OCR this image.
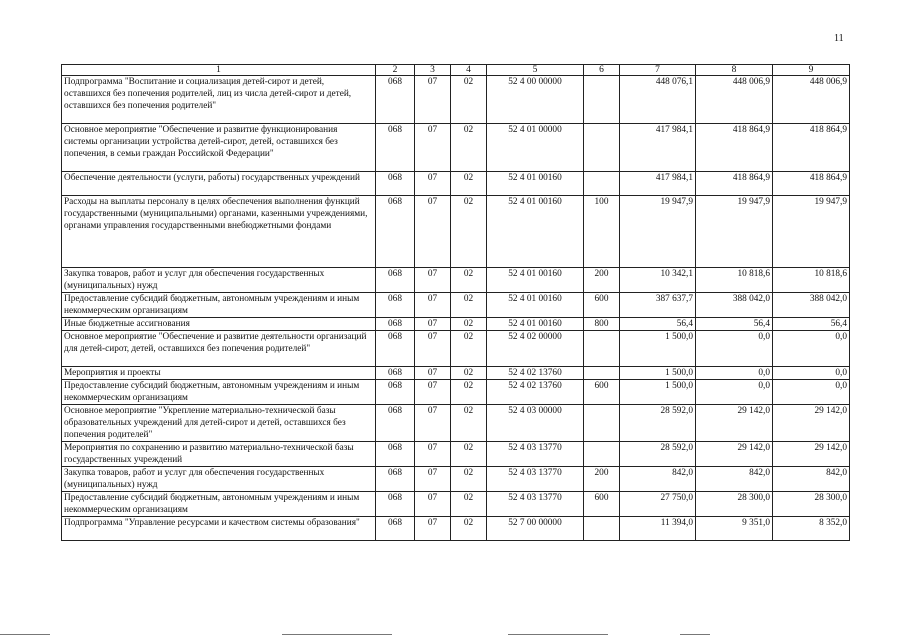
11
1	2	3	4	5	6	7	8	9
Подпрограмма "Воспитание и социализация детей-сирот и детей, оставшихся без попечения родителей, лиц из числа детей-сирот и детей, оставшихся без попечения родителей"	068	07	02	52 4 00 00000		448 076,1	448 006,9	448 006,9
Основное мероприятие "Обеспечение и развитие функционирования системы организации устройства детей-сирот, детей, оставшихся без попечения, в семьи граждан Российской Федерации"	068	07	02	52 4 01 00000		417 984,1	418 864,9	418 864,9
Обеспечение деятельности (услуги, работы) государственных учреждений	068	07	02	52 4 01 00160		417 984,1	418 864,9	418 864,9
Расходы на выплаты персоналу в целях обеспечения выполнения функций государственными (муниципальными) органами, казенными учреждениями, органами управления государственными внебюджетными фондами	068	07	02	52 4 01 00160	100	19 947,9	19 947,9	19 947,9
Закупка товаров, работ и услуг для обеспечения государственных (муниципальных) нужд	068	07	02	52 4 01 00160	200	10 342,1	10 818,6	10 818,6
Предоставление субсидий бюджетным, автономным учреждениям и иным некоммерческим организациям	068	07	02	52 4 01 00160	600	387 637,7	388 042,0	388 042,0
Иные бюджетные ассигнования	068	07	02	52 4 01 00160	800	56,4	56,4	56,4
Основное мероприятие "Обеспечение и развитие деятельности организаций для детей-сирот, детей, оставшихся без попечения родителей"	068	07	02	52 4 02 00000		1 500,0	0,0	0,0
Мероприятия и проекты	068	07	02	52 4 02 13760		1 500,0	0,0	0,0
Предоставление субсидий бюджетным, автономным учреждениям и иным некоммерческим организациям	068	07	02	52 4 02 13760	600	1 500,0	0,0	0,0
Основное мероприятие "Укрепление материально-технической базы образовательных учреждений для детей-сирот и детей, оставшихся без попечения родителей"	068	07	02	52 4 03 00000		28 592,0	29 142,0	29 142,0
Мероприятия по сохранению и развитию материально-технической базы государственных учреждений	068	07	02	52 4 03 13770		28 592,0	29 142,0	29 142,0
Закупка товаров, работ и услуг для обеспечения государственных (муниципальных) нужд	068	07	02	52 4 03 13770	200	842,0	842,0	842,0
Предоставление субсидий бюджетным, автономным учреждениям и иным некоммерческим организациям	068	07	02	52 4 03 13770	600	27 750,0	28 300,0	28 300,0
Подпрограмма "Управление ресурсами и качеством системы образования"	068	07	02	52 7 00 00000		11 394,0	9 351,0	8 352,0
